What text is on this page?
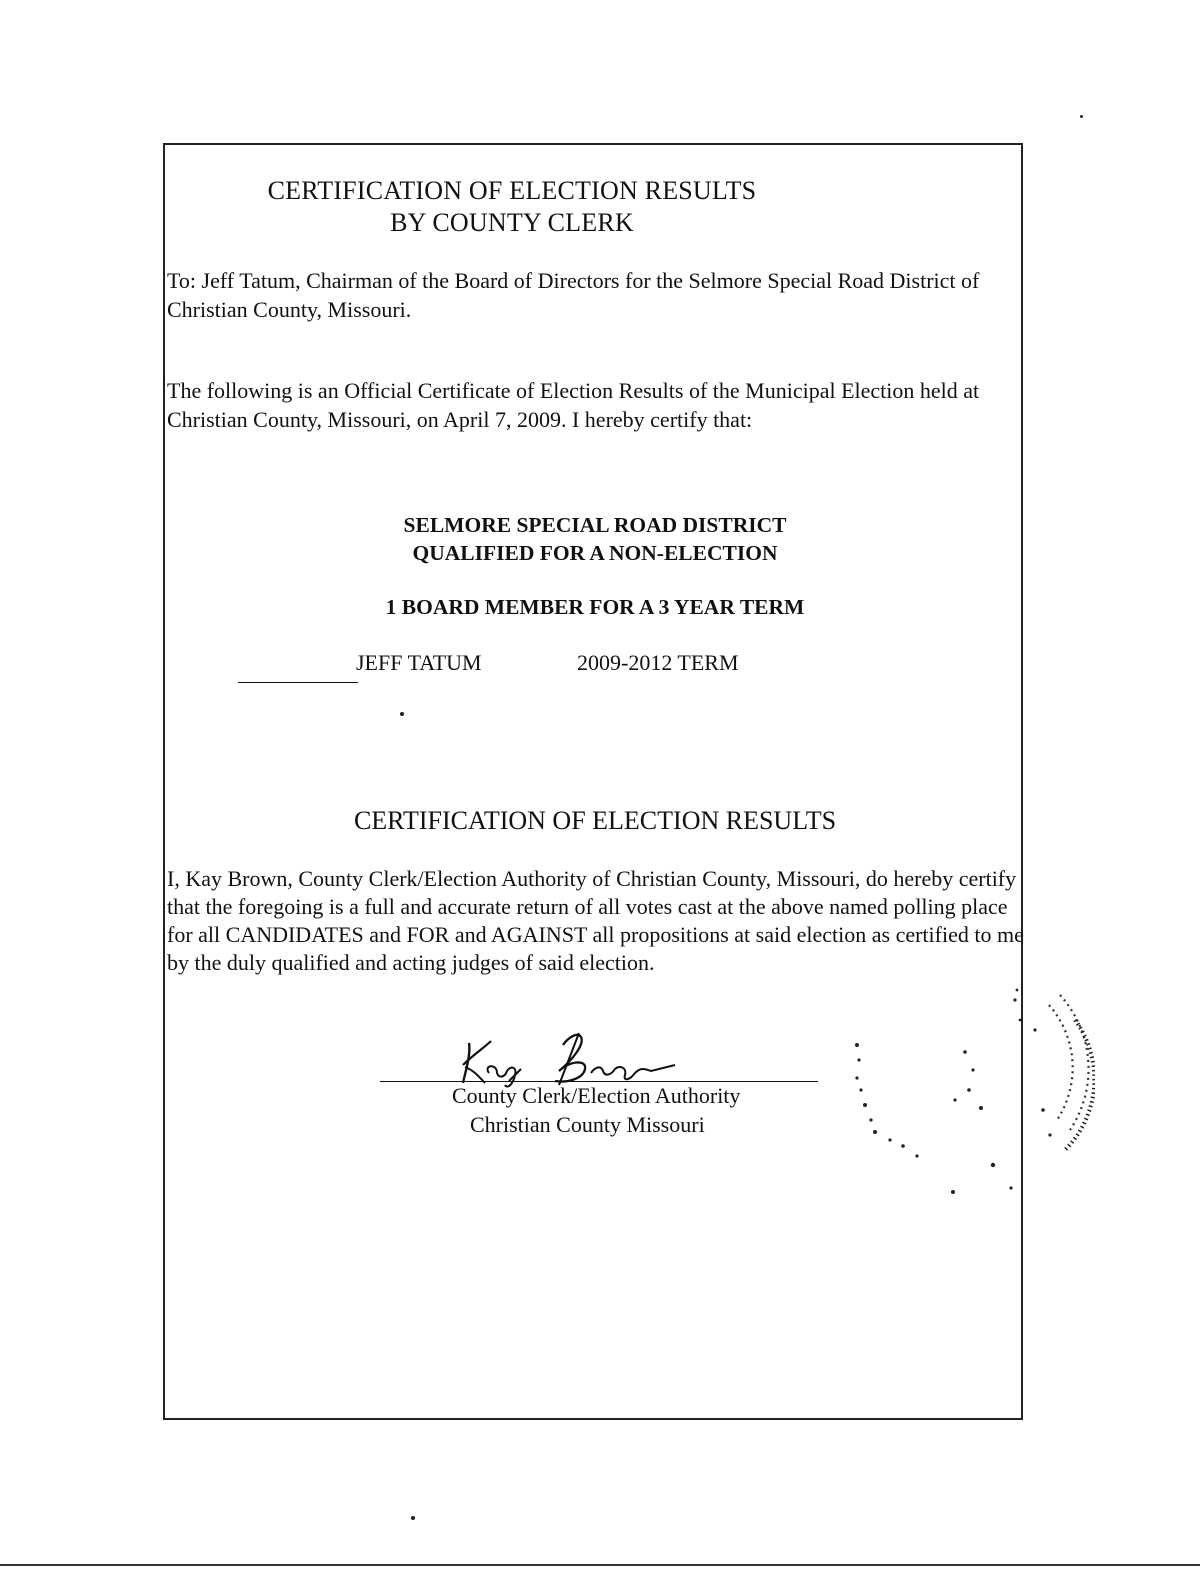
CERTIFICATION OF ELECTION RESULTS
BY COUNTY CLERK
To: Jeff Tatum, Chairman of the Board of Directors for the Selmore Special Road District of Christian County, Missouri.
The following is an Official Certificate of Election Results of the Municipal Election held at Christian County, Missouri, on April 7, 2009. I hereby certify that:
SELMORE SPECIAL ROAD DISTRICT
QUALIFIED FOR A NON-ELECTION
1 BOARD MEMBER FOR A 3 YEAR TERM
JEFF TATUM	2009-2012 TERM
CERTIFICATION OF ELECTION RESULTS
I, Kay Brown, County Clerk/Election Authority of Christian County, Missouri, do hereby certify that the foregoing is a full and accurate return of all votes cast at the above named polling place for all CANDIDATES and FOR and AGAINST all propositions at said election as certified to me by the duly qualified and acting judges of said election.
County Clerk/Election Authority
Christian County Missouri
